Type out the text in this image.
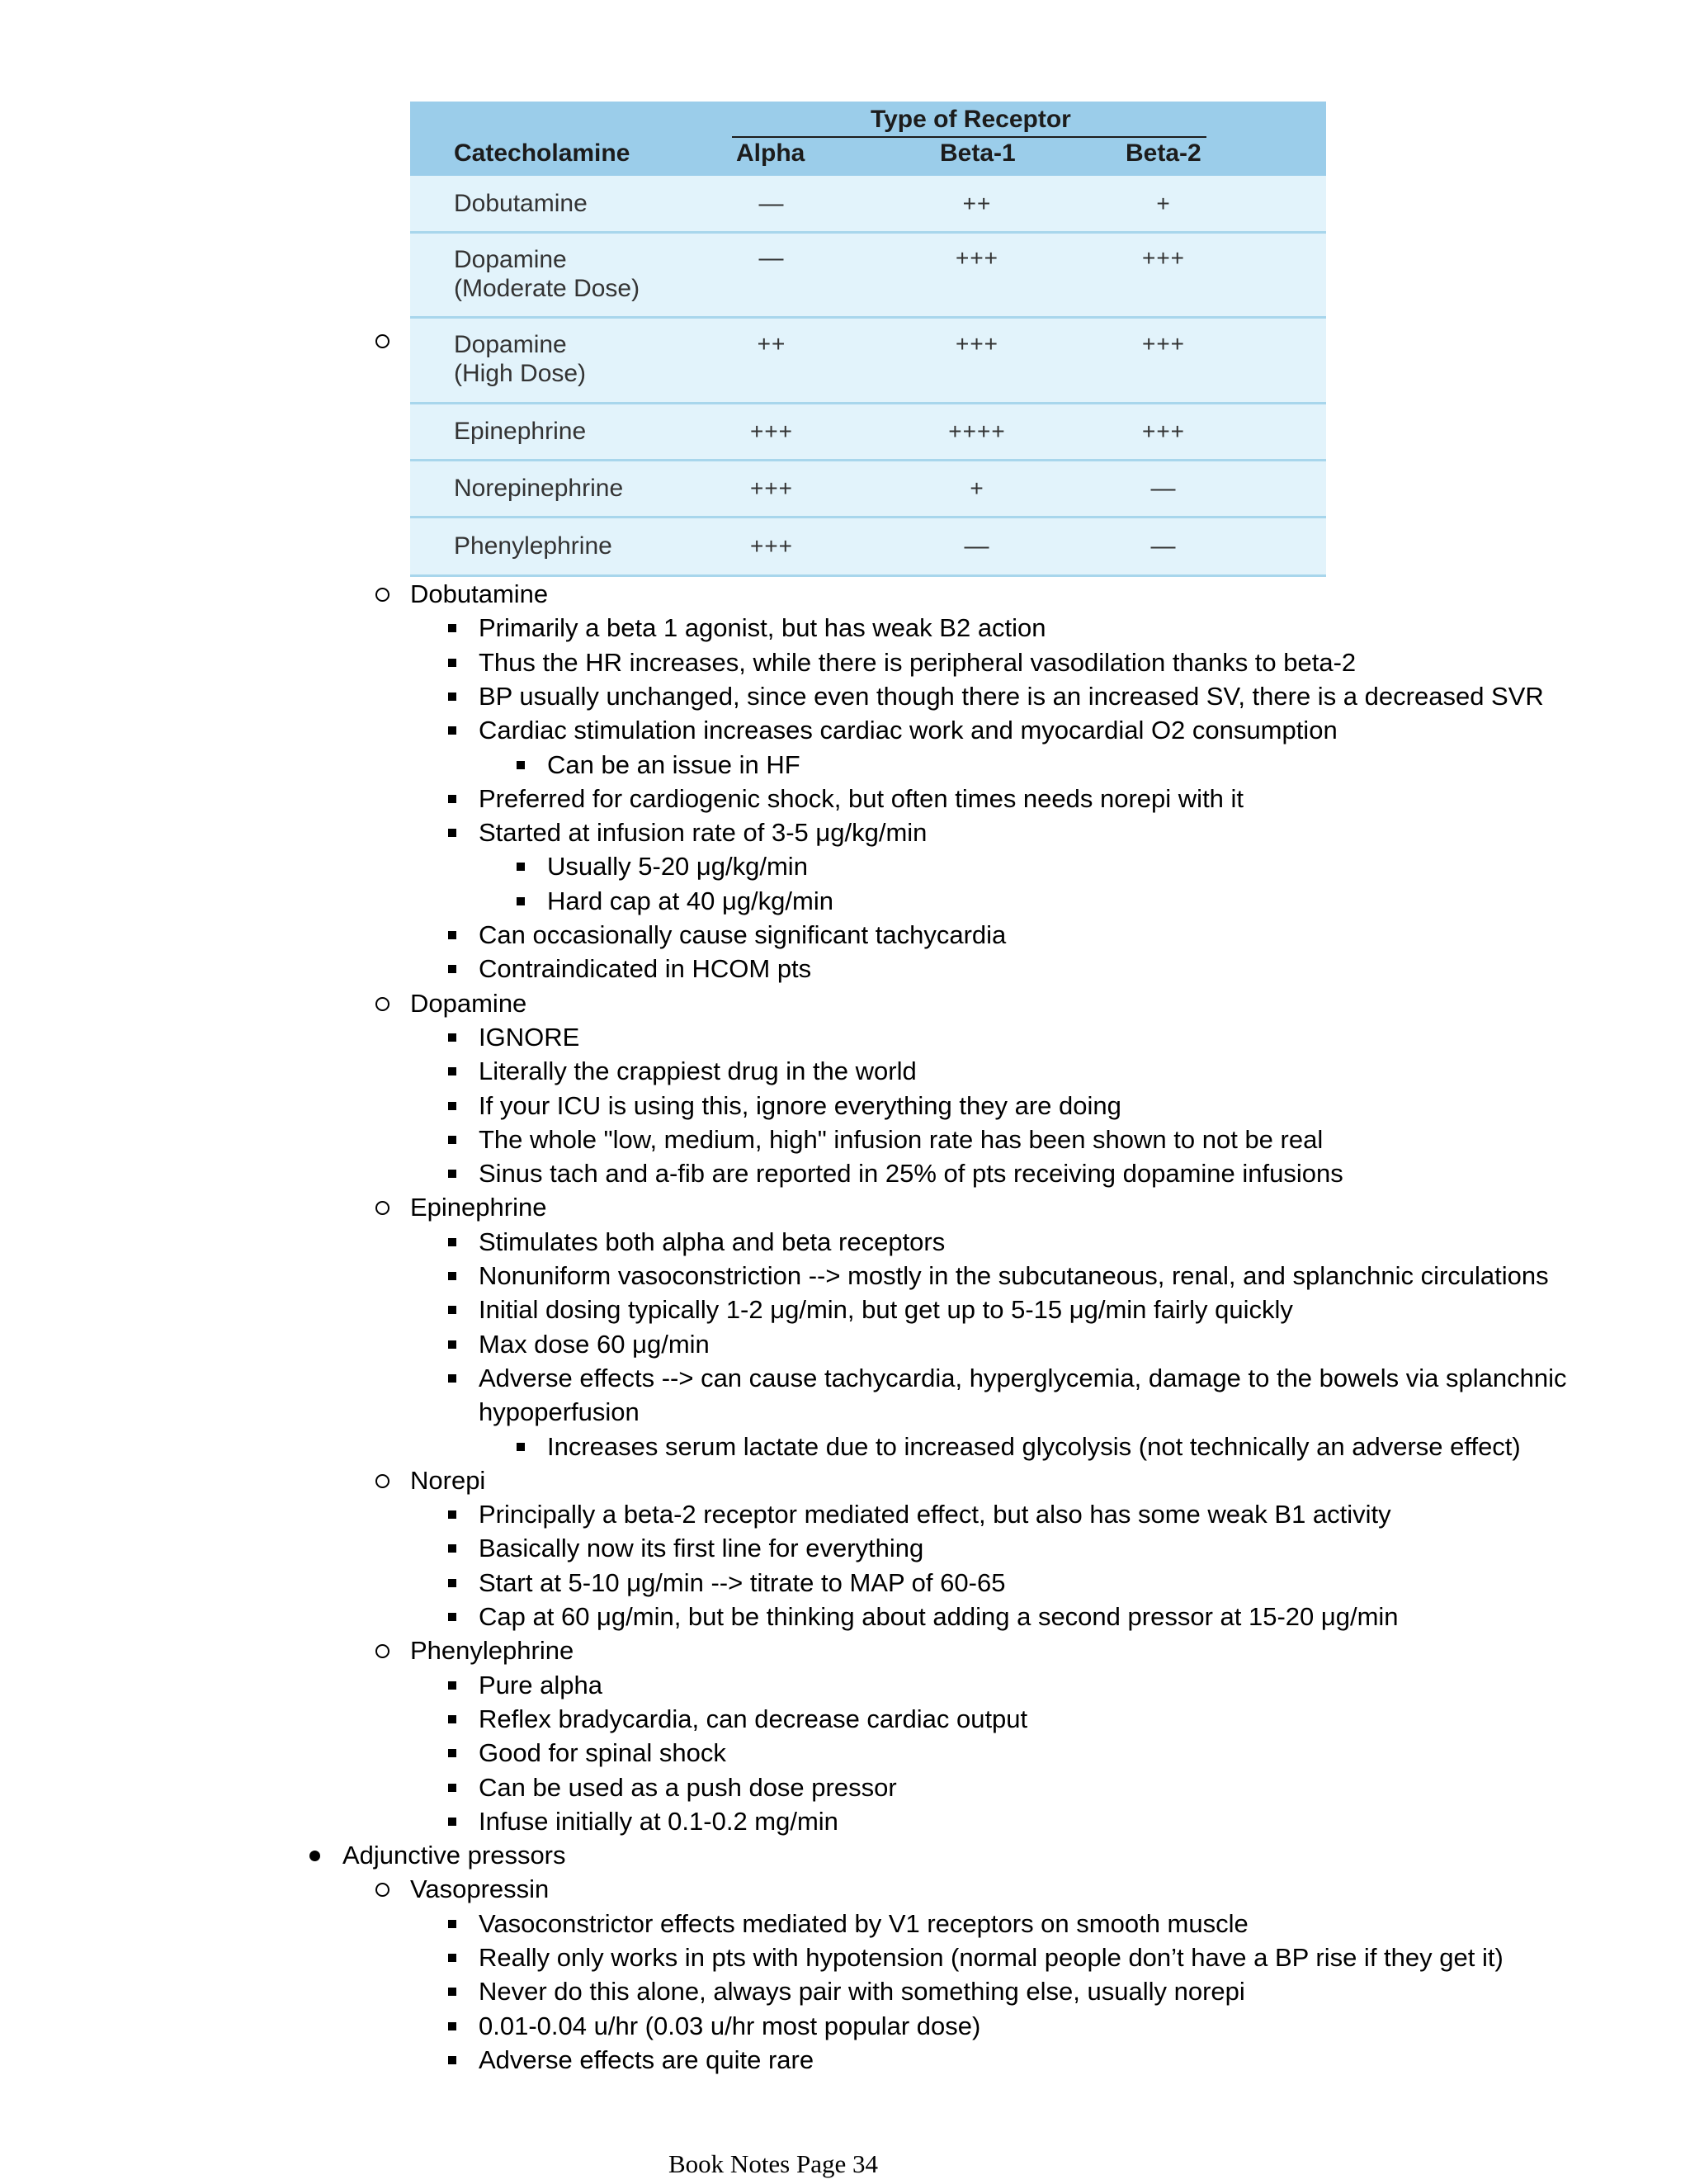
Type of Receptor
Catecholamine	Alpha	Beta-1	Beta-2
Dobutamine	—	++	+
Dopamine
(Moderate Dose)
—	+++	+++
Dopamine
(High Dose)
++	+++	+++
Epinephrine	+++	++++	+++
Norepinephrine	+++	+	—
Phenylephrine	+++	—	—
Dobutamine
Primarily a beta 1 agonist, but has weak B2 action
Thus the HR increases, while there is peripheral vasodilation thanks to beta-2
BP usually unchanged, since even though there is an increased SV, there is a decreased SVR
Cardiac stimulation increases cardiac work and myocardial O2 consumption
Can be an issue in HF
Preferred for cardiogenic shock, but often times needs norepi with it
Started at infusion rate of 3-5 μg/kg/min
Usually 5-20 μg/kg/min
Hard cap at 40 μg/kg/min
Can occasionally cause significant tachycardia
Contraindicated in HCOM pts
Dopamine
IGNORE
Literally the crappiest drug in the world
If your ICU is using this, ignore everything they are doing
The whole "low, medium, high" infusion rate has been shown to not be real
Sinus tach and a-fib are reported in 25% of pts receiving dopamine infusions
Epinephrine
Stimulates both alpha and beta receptors
Nonuniform vasoconstriction --> mostly in the subcutaneous, renal, and splanchnic circulations
Initial dosing typically 1-2 μg/min, but get up to 5-15 μg/min fairly quickly
Max dose 60 μg/min
Adverse effects --> can cause tachycardia, hyperglycemia, damage to the bowels via splanchnic
hypoperfusion
Increases serum lactate due to increased glycolysis (not technically an adverse effect)
Norepi
Principally a beta-2 receptor mediated effect, but also has some weak B1 activity
Basically now its first line for everything
Start at 5-10 μg/min --> titrate to MAP of 60-65
Cap at 60 μg/min, but be thinking about adding a second pressor at 15-20 μg/min
Phenylephrine
Pure alpha
Reflex bradycardia, can decrease cardiac output
Good for spinal shock
Can be used as a push dose pressor
Infuse initially at 0.1-0.2 mg/min
Adjunctive pressors
Vasopressin
Vasoconstrictor effects mediated by V1 receptors on smooth muscle
Really only works in pts with hypotension (normal people don’t have a BP rise if they get it)
Never do this alone, always pair with something else, usually norepi
0.01-0.04 u/hr (0.03 u/hr most popular dose)
Adverse effects are quite rare
Book Notes Page 34
